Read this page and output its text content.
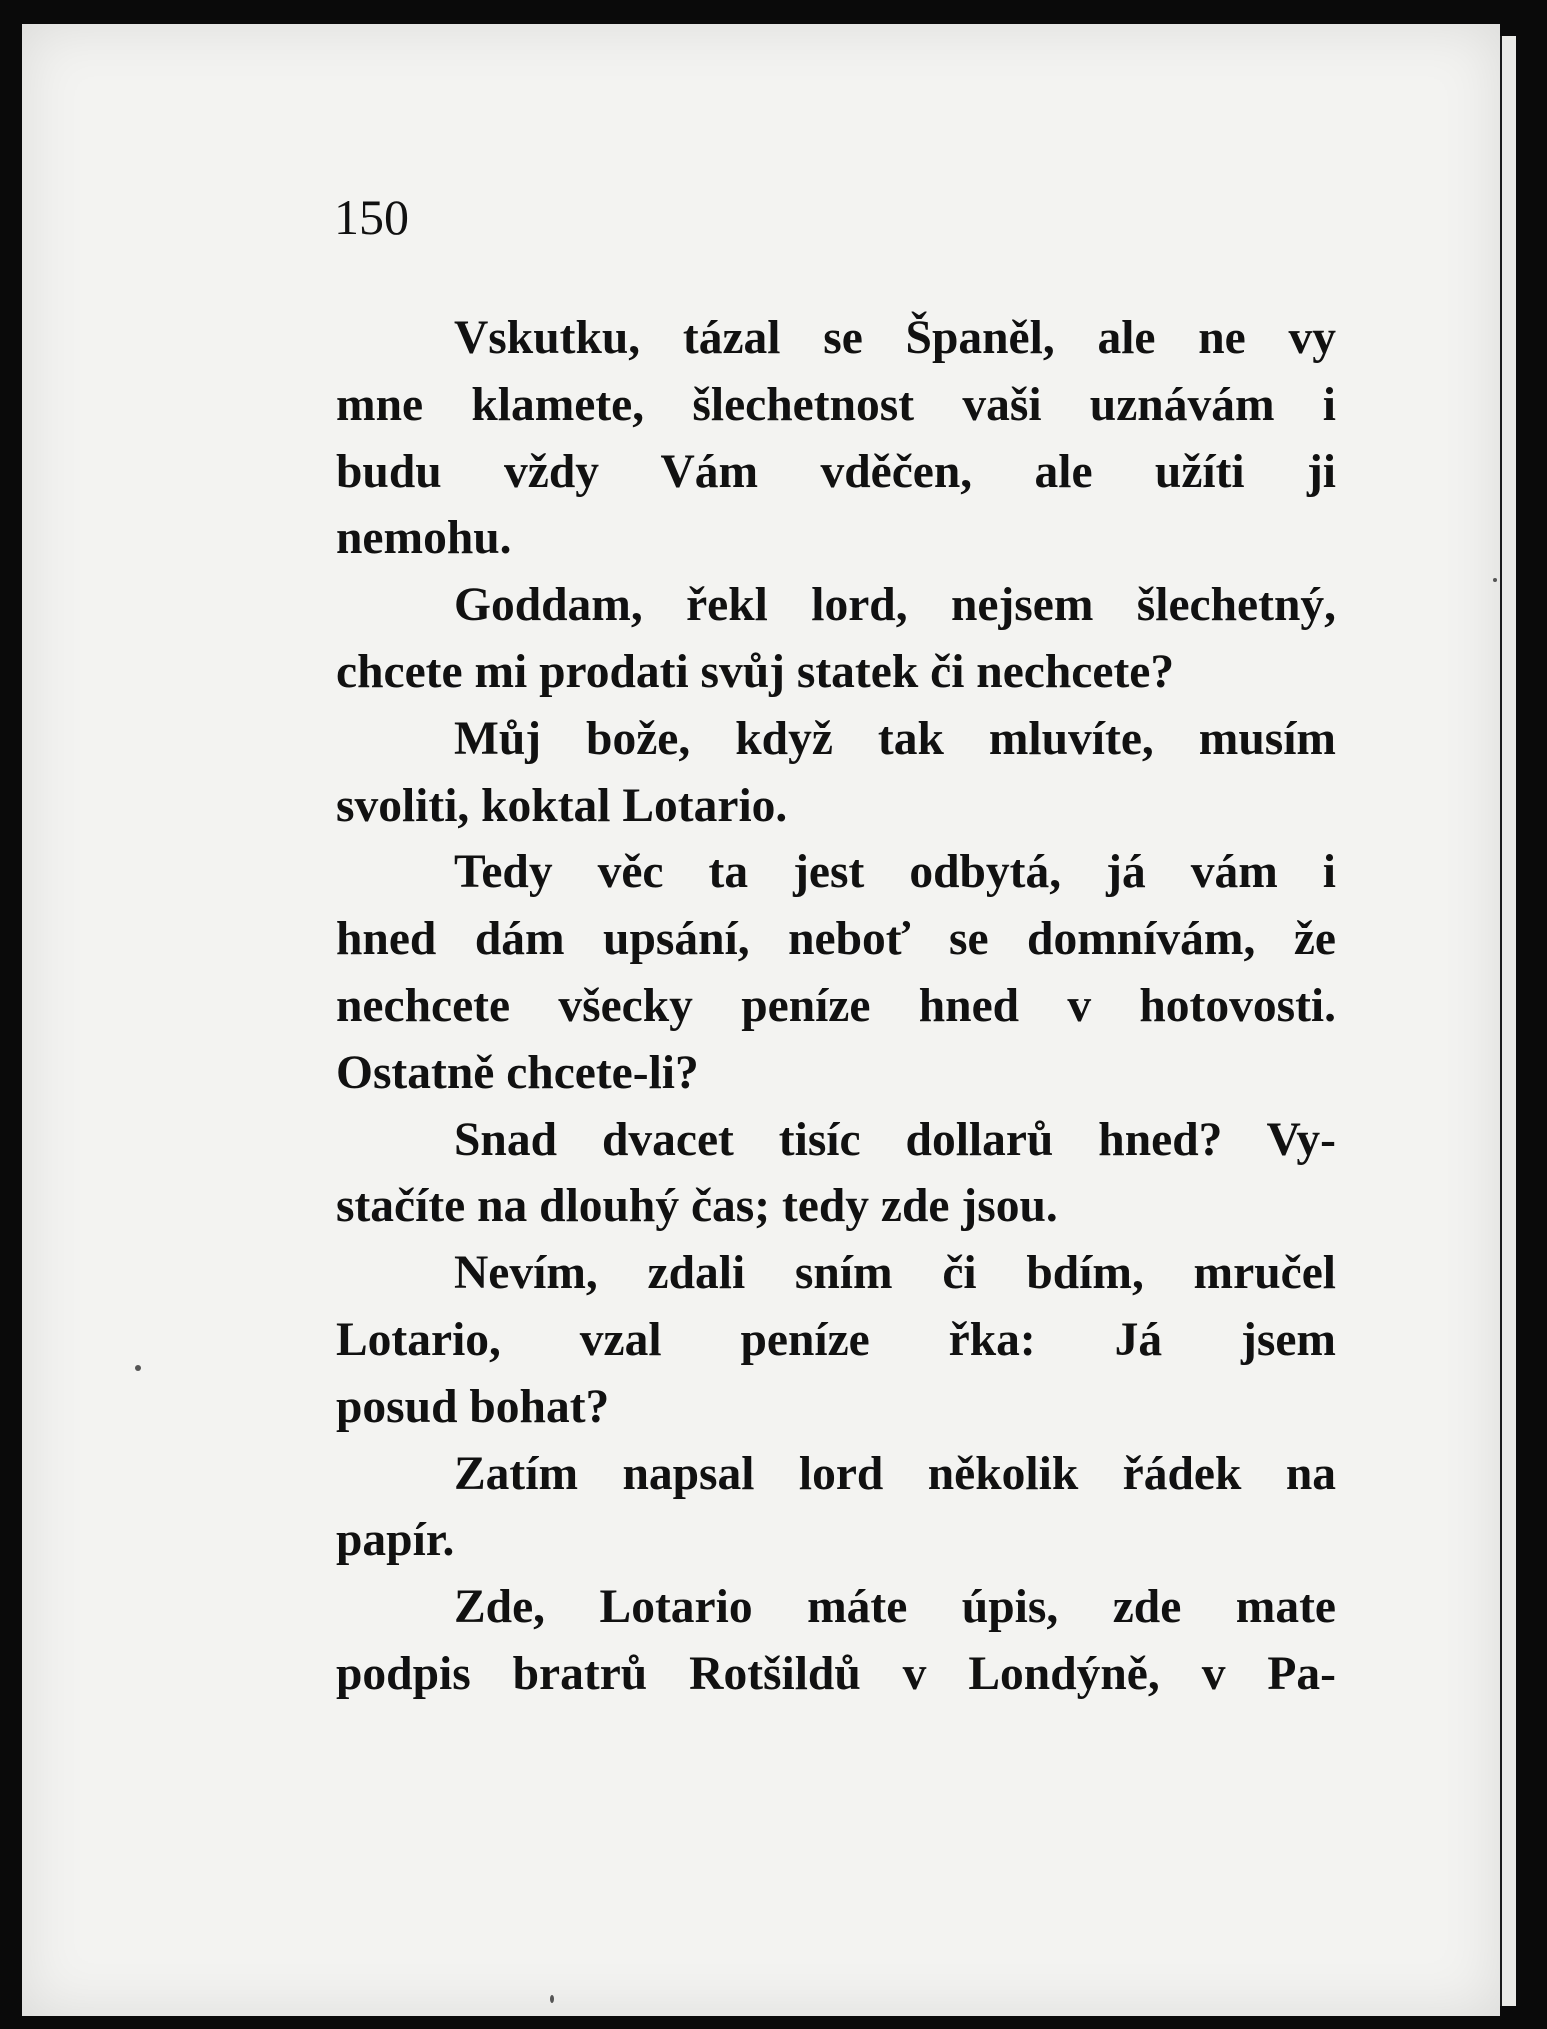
150
Vskutku, tázal se Španěl, ale ne vy
mne klamete, šlechetnost vaši uznávám i
budu vždy Vám vděčen, ale užíti ji
nemohu.
Goddam, řekl lord, nejsem šlechetný,
chcete mi prodati svůj statek či nechcete?
Můj bože, když tak mluvíte, musím
svoliti, koktal Lotario.
Tedy věc ta jest odbytá, já vám i
hned dám upsání, neboť se domnívám, že
nechcete všecky peníze hned v hotovosti.
Ostatně chcete-li?
Snad dvacet tisíc dollarů hned? Vy-
stačíte na dlouhý čas; tedy zde jsou.
Nevím, zdali sním či bdím, mručel
Lotario, vzal peníze řka: Já jsem
posud bohat?
Zatím napsal lord několik řádek na
papír.
Zde, Lotario máte úpis, zde mate
podpis bratrů Rotšildů v Londýně, v Pa-
